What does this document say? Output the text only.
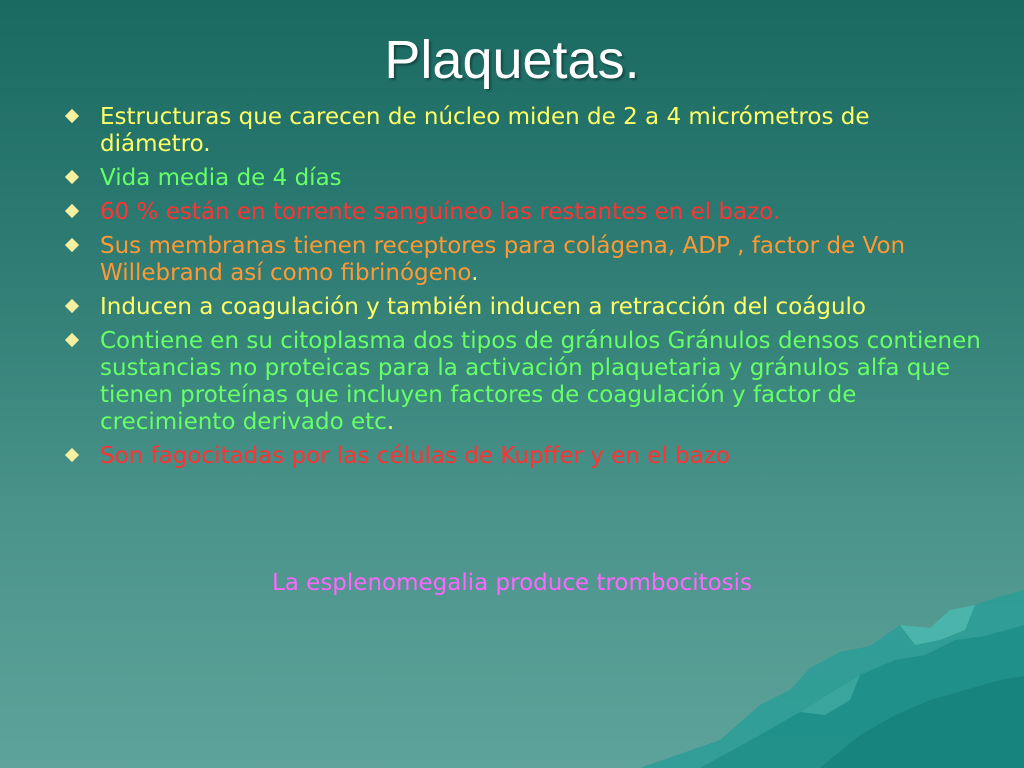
Plaquetas.
Estructuras que carecen de núcleo miden de 2 a 4 micrómetros de diámetro.
Vida media de 4 días
60 % están en torrente sanguíneo las restantes en el bazo.
Sus membranas tienen receptores para colágena, ADP , factor de Von Willebrand así como fibrinógeno.
Inducen a coagulación y también inducen a retracción del coágulo
Contiene en su citoplasma dos tipos de gránulos Gránulos densos contienen sustancias no proteicas para la activación plaquetaria y gránulos alfa que tienen proteínas que incluyen factores de coagulación y factor de crecimiento derivado etc.
Son fagocitadas por las células de Kupffer y en el bazo
La esplenomegalia produce trombocitosis
